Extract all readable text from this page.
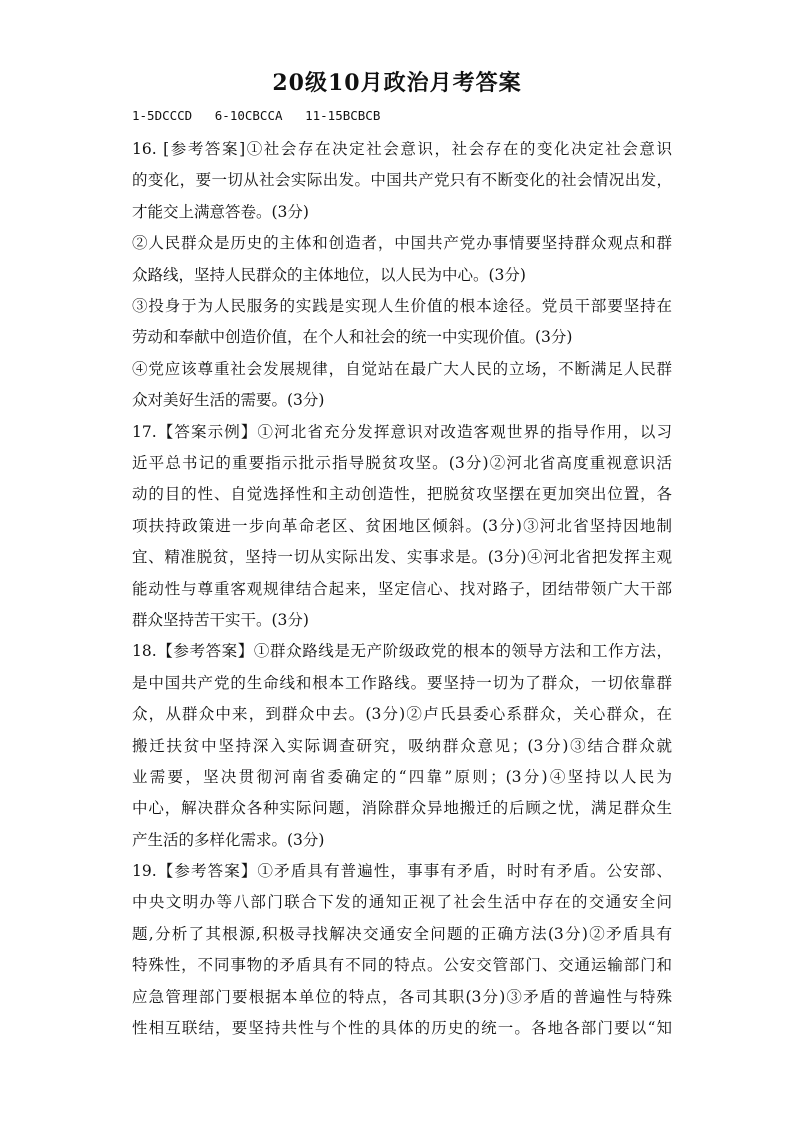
20级10月政治月考答案
1-5DCCCD   6-10CBCCA   11-15BCBCB
16. [参考答案]①社会存在决定社会意识，社会存在的变化决定社会意识
的变化，要一切从社会实际出发。中国共产党只有不断变化的社会情况出发，
才能交上满意答卷。(3分)
②人民群众是历史的主体和创造者，中国共产党办事情要坚持群众观点和群
众路线，坚持人民群众的主体地位，以人民为中心。(3分)
③投身于为人民服务的实践是实现人生价值的根本途径。党员干部要坚持在
劳动和奉献中创造价值，在个人和社会的统一中实现价值。(3分)
④党应该尊重社会发展规律，自觉站在最广大人民的立场，不断满足人民群
众对美好生活的需要。(3分)
17.【答案示例】①河北省充分发挥意识对改造客观世界的指导作用，以习
近平总书记的重要指示批示指导脱贫攻坚。(3分)②河北省高度重视意识活
动的目的性、自觉选择性和主动创造性，把脱贫攻坚摆在更加突出位置，各
项扶持政策进一步向革命老区、贫困地区倾斜。(3分)③河北省坚持因地制
宜、精准脱贫，坚持一切从实际出发、实事求是。(3分)④河北省把发挥主观
能动性与尊重客观规律结合起来，坚定信心、找对路子，团结带领广大干部
群众坚持苦干实干。(3分)
18.【参考答案】①群众路线是无产阶级政党的根本的领导方法和工作方法，
是中国共产党的生命线和根本工作路线。要坚持一切为了群众，一切依靠群
众，从群众中来，到群众中去。(3分)②卢氏县委心系群众，关心群众，在
搬迁扶贫中坚持深入实际调查研究，吸纳群众意见；(3分)③结合群众就
业需要，坚决贯彻河南省委确定的“四靠”原则；(3分)④坚持以人民为
中心，解决群众各种实际问题，消除群众异地搬迁的后顾之忧，满足群众生
产生活的多样化需求。(3分)
19.【参考答案】①矛盾具有普遍性，事事有矛盾，时时有矛盾。公安部、
中央文明办等八部门联合下发的通知正视了社会生活中存在的交通安全问
题,分析了其根源,积极寻找解决交通安全问题的正确方法(3分)②矛盾具有
特殊性，不同事物的矛盾具有不同的特点。公安交管部门、交通运输部门和
应急管理部门要根据本单位的特点，各司其职(3分)③矛盾的普遍性与特殊
性相互联结，要坚持共性与个性的具体的历史的统一。各地各部门要以“知
